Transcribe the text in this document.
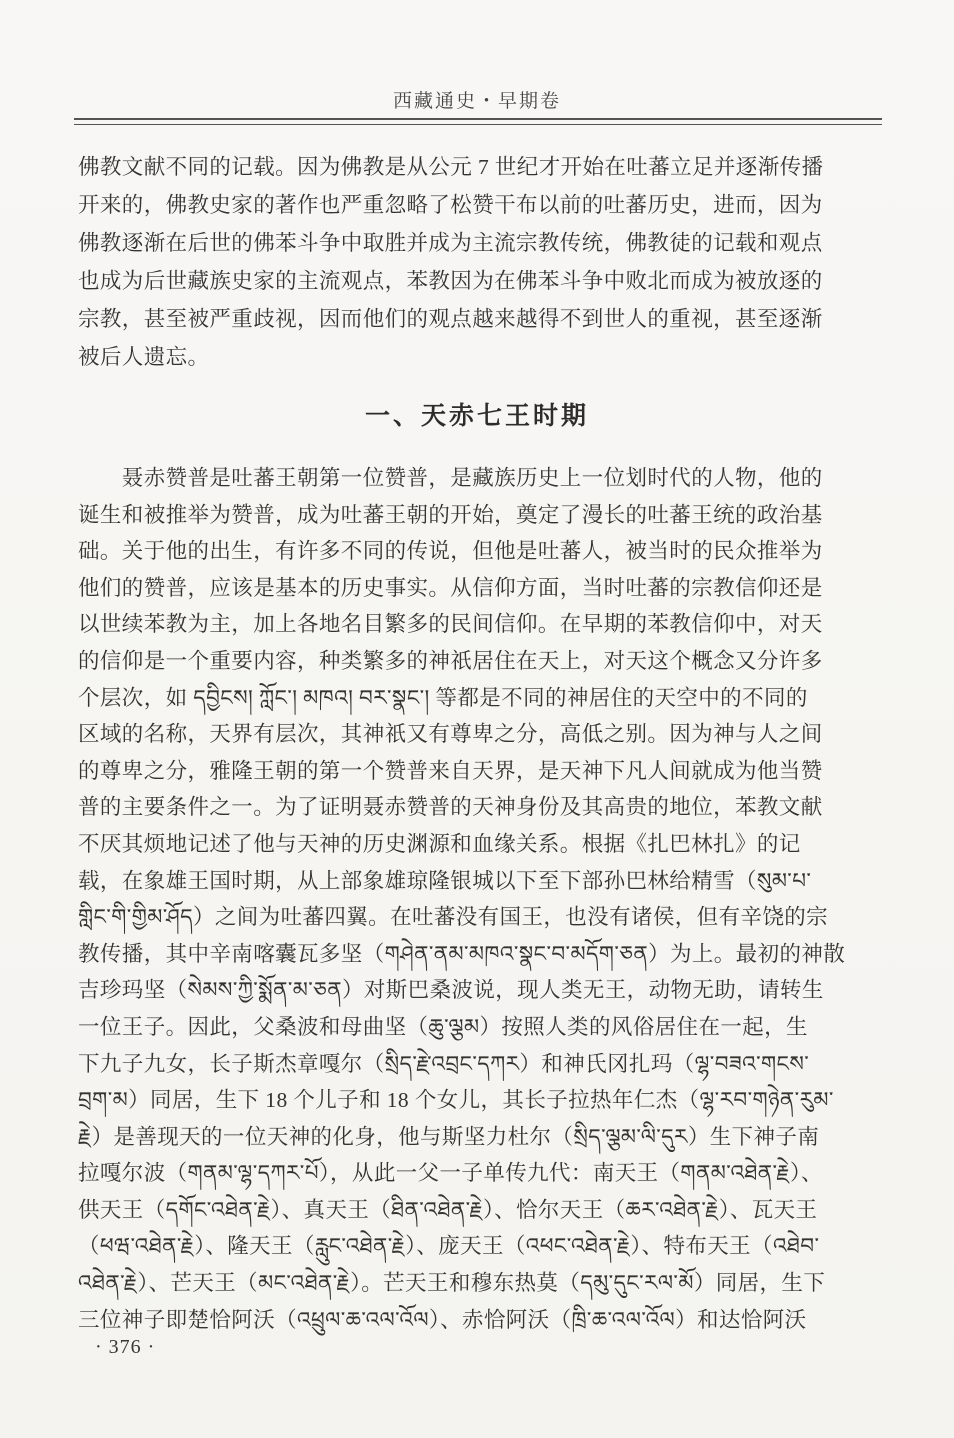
西藏通史・早期卷
佛教文献不同的记载。因为佛教是从公元 7 世纪才开始在吐蕃立足并逐渐传播
开来的，佛教史家的著作也严重忽略了松赞干布以前的吐蕃历史，进而，因为
佛教逐渐在后世的佛苯斗争中取胜并成为主流宗教传统，佛教徒的记载和观点
也成为后世藏族史家的主流观点，苯教因为在佛苯斗争中败北而成为被放逐的
宗教，甚至被严重歧视，因而他们的观点越来越得不到世人的重视，甚至逐渐
被后人遗忘。
一、天赤七王时期
　　聂赤赞普是吐蕃王朝第一位赞普，是藏族历史上一位划时代的人物，他的
诞生和被推举为赞普，成为吐蕃王朝的开始，奠定了漫长的吐蕃王统的政治基
础。关于他的出生，有许多不同的传说，但他是吐蕃人，被当时的民众推举为
他们的赞普，应该是基本的历史事实。从信仰方面，当时吐蕃的宗教信仰还是
以世续苯教为主，加上各地名目繁多的民间信仰。在早期的苯教信仰中，对天
的信仰是一个重要内容，种类繁多的神祇居住在天上，对天这个概念又分许多
个层次，如 དབྱིངས། ཀློང་། མཁའ། བར་སྣང་། 等都是不同的神居住的天空中的不同的
区域的名称，天界有层次，其神祇又有尊卑之分，高低之别。因为神与人之间
的尊卑之分，雅隆王朝的第一个赞普来自天界，是天神下凡人间就成为他当赞
普的主要条件之一。为了证明聂赤赞普的天神身份及其高贵的地位，苯教文献
不厌其烦地记述了他与天神的历史渊源和血缘关系。根据《扎巴林扎》的记
载，在象雄王国时期，从上部象雄琼隆银城以下至下部孙巴林给精雪（སུམ་པ་
གླིང་གི་གྱིམ་ཤོད）之间为吐蕃四翼。在吐蕃没有国王，也没有诸侯，但有辛饶的宗
教传播，其中辛南喀囊瓦多坚（གཤེན་ནམ་མཁའ་སྣང་བ་མདོག་ཅན）为上。最初的神散
吉珍玛坚（སེམས་ཀྱི་སྨོན་མ་ཅན）对斯巴桑波说，现人类无王，动物无助，请转生
一位王子。因此，父桑波和母曲坚（ཆུ་ལྕམ）按照人类的风俗居住在一起，生
下九子九女，长子斯杰章嘎尔（སྲིད་རྗེ་འབྲང་དཀར）和神氏冈扎玛（ལྷ་བཟའ་གངས་
བྲག་མ）同居，生下 18 个儿子和 18 个女儿，其长子拉热年仁杰（ལྷ་རབ་གཉེན་རུམ་
རྗེ）是善现天的一位天神的化身，他与斯坚力杜尔（སྲིད་ལྕམ་ལི་དུར）生下神子南
拉嘎尔波（གནམ་ལྷ་དཀར་པོ），从此一父一子单传九代：南天王（གནམ་འཐེན་རྗེ）、
供天王（དགོང་འཐེན་རྗེ）、真天王（ཐིན་འཐེན་རྗེ）、恰尔天王（ཆར་འཐེན་རྗེ）、瓦天王
（ཕཝ་འཐེན་རྗེ）、隆天王（རླུང་འཐེན་རྗེ）、庞天王（འཕང་འཐེན་རྗེ）、特布天王（འཐེབ་
འཐེན་རྗེ）、芒天王（མང་འཐེན་རྗེ）。芒天王和穆东热莫（དམུ་དུང་རལ་མོ）同居，生下
三位神子即楚恰阿沃（འཕྲུལ་ཆ་འལ་འོལ）、赤恰阿沃（ཁྲི་ཆ་འལ་འོལ）和达恰阿沃
· 376 ·
